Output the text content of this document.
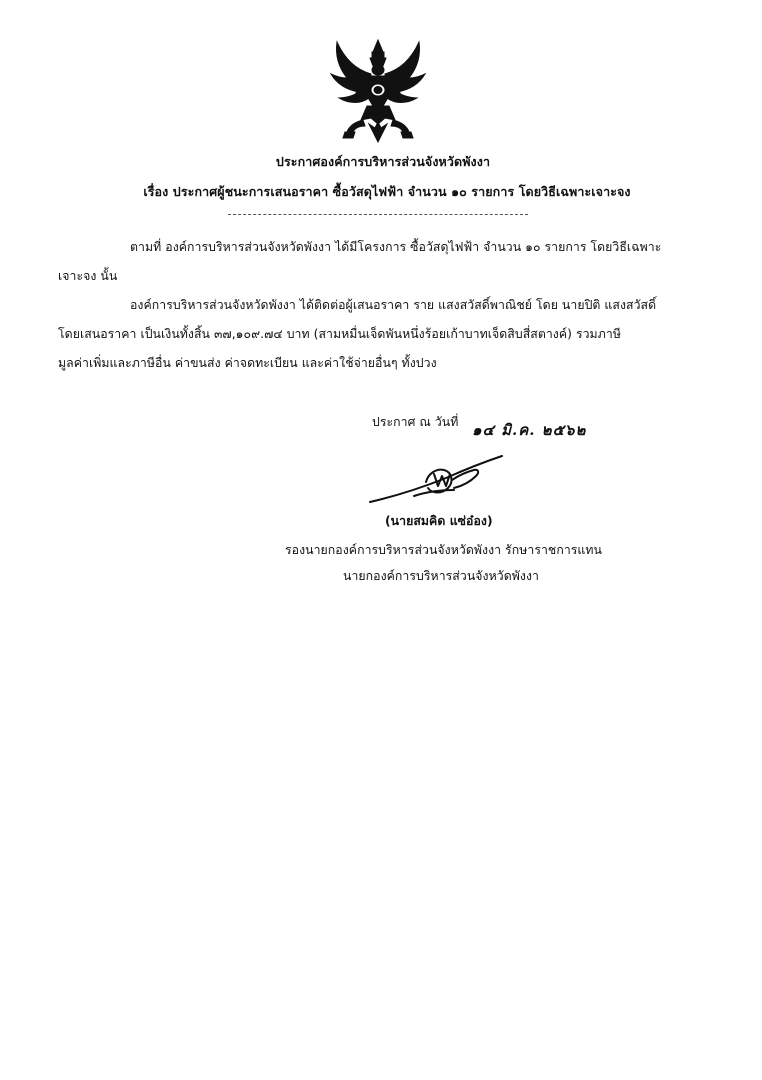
ประกาศองค์การบริหารส่วนจังหวัดพังงา
เรื่อง ประกาศผู้ชนะการเสนอราคา ซื้อวัสดุไฟฟ้า จำนวน ๑๐ รายการ โดยวิธีเฉพาะเจาะจง
ตามที่ องค์การบริหารส่วนจังหวัดพังงา ได้มีโครงการ ซื้อวัสดุไฟฟ้า จำนวน ๑๐ รายการ โดยวิธีเฉพาะ
เจาะจง นั้น
องค์การบริหารส่วนจังหวัดพังงา ได้ติดต่อผู้เสนอราคา ราย แสงสวัสดิ์พาณิชย์ โดย นายปิติ แสงสวัสดิ์
โดยเสนอราคา เป็นเงินทั้งสิ้น ๓๗,๑๐๙.๗๔ บาท (สามหมื่นเจ็ดพันหนึ่งร้อยเก้าบาทเจ็ดสิบสี่สตางค์) รวมภาษี
มูลค่าเพิ่มและภาษีอื่น ค่าขนส่ง ค่าจดทะเบียน และค่าใช้จ่ายอื่นๆ ทั้งปวง
ประกาศ ณ วันที่ ๑๔ มิ.ค. ๒๕๖๒
(นายสมคิด แซ่อ๋อง)
รองนายกองค์การบริหารส่วนจังหวัดพังงา รักษาราชการแทน
นายกองค์การบริหารส่วนจังหวัดพังงา
